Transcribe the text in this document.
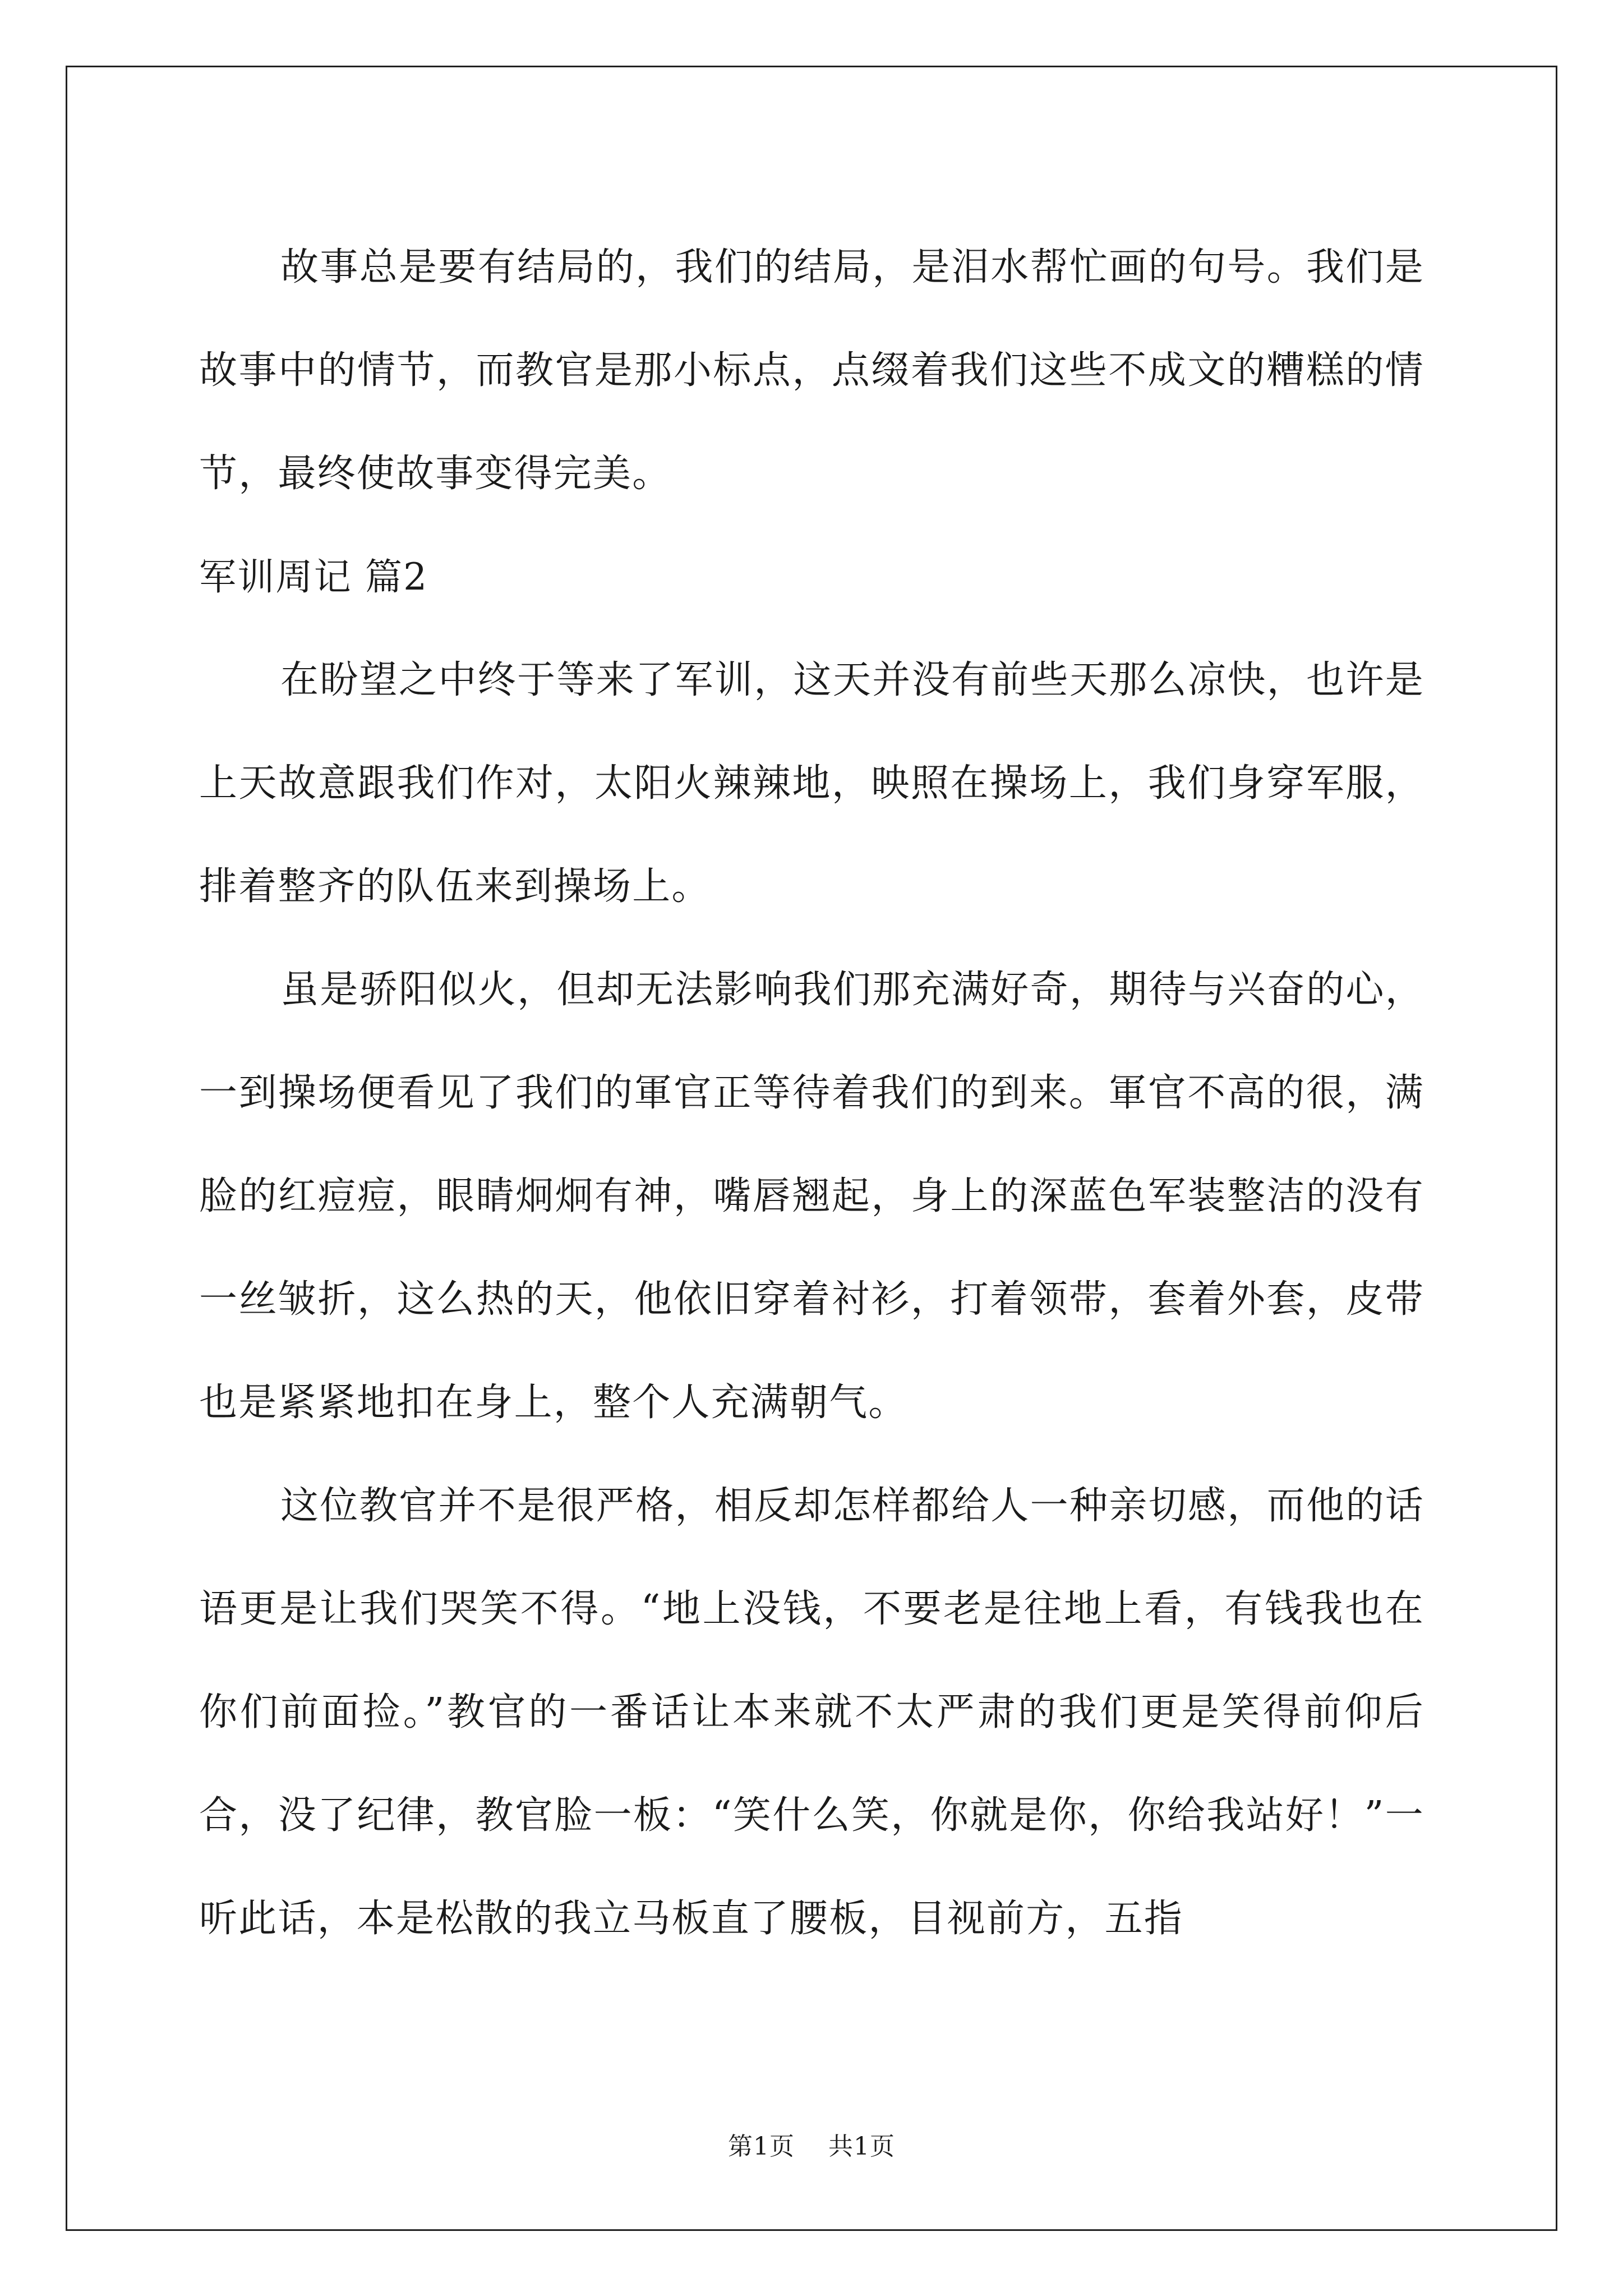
故事总是要有结局的，我们的结局，是泪水帮忙画的句号。我们是故事中的情节，而教官是那小标点，点缀着我们这些不成文的糟糕的情节，最终使故事变得完美。

军训周记 篇2

在盼望之中终于等来了军训，这天并没有前些天那么凉快，也许是上天故意跟我们作对，太阳火辣辣地，映照在操场上，我们身穿军服，排着整齐的队伍来到操场上。

虽是骄阳似火，但却无法影响我们那充满好奇，期待与兴奋的心，一到操场便看见了我们的軍官正等待着我们的到来。軍官不高的很，满脸的红痘痘，眼睛炯炯有神，嘴唇翘起，身上的深蓝色军装整洁的没有一丝皱折，这么热的天，他依旧穿着衬衫，打着领带，套着外套，皮带也是紧紧地扣在身上，整个人充满朝气。

这位教官并不是很严格，相反却怎样都给人一种亲切感，而他的话语更是让我们哭笑不得。“地上没钱，不要老是往地上看，有钱我也在你们前面捡。”教官的一番话让本来就不太严肃的我们更是笑得前仰后合，没了纪律，教官脸一板：“笑什么笑，你就是你，你给我站好！”一听此话，本是松散的我立马板直了腰板，目视前方，五指

第1页 共1页
